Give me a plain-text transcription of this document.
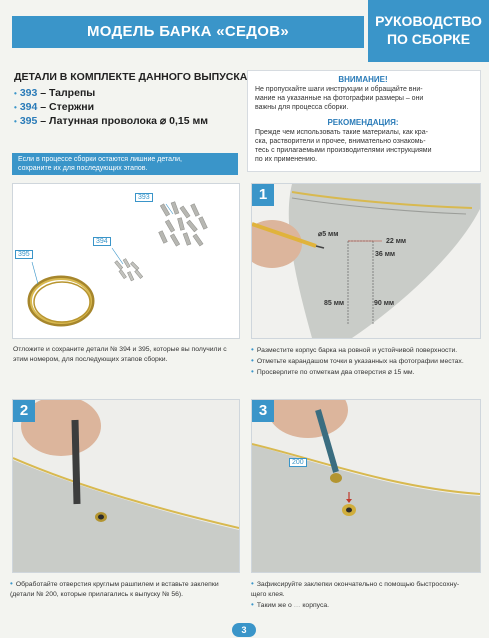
МОДЕЛЬ БАРКА «СЕДОВ»
РУКОВОДСТВО
ПО СБОРКЕ
ДЕТАЛИ В КОМПЛЕКТЕ ДАННОГО ВЫПУСКА
• 393 – Талрепы
• 394 – Стержни
• 395 – Латунная проволока ⌀ 0,15 мм
ВНИМАНИЕ!
Не пропускайте шаги инструкции и обращайте вни-
мание на указанные на фотографии размеры – они
важны для процесса сборки.
РЕКОМЕНДАЦИЯ:
Прежде чем использовать такие материалы, как кра-
ска, растворители и прочее, внимательно ознакомь-
тесь с прилагаемыми производителями инструкциями
по их применению.
Если в процессе сборки остаются лишние детали,
сохраните их для последующих этапов.
393
394
395
Отложите и сохраните детали № 394 и 395, которые вы получили с
этим номером, для последующих этапов сборки.
1
⌀5 мм
22 мм
36 мм
85 мм	90 мм
• Разместите корпус барка на ровной и устойчивой поверхности.
• Отметьте карандашом точки в указанных на фотографии местах.
• Просверлите по отметкам два отверстия ⌀ 15 мм.
2
• Обработайте отверстия круглым рашпилем и вставьте заклепки
(детали № 200, которые прилагались к выпуску № 56).
3
200
• Зафиксируйте заклепки окончательно с помощью быстросохну-
щего клея.
• Таким же о … корпуса.
3
